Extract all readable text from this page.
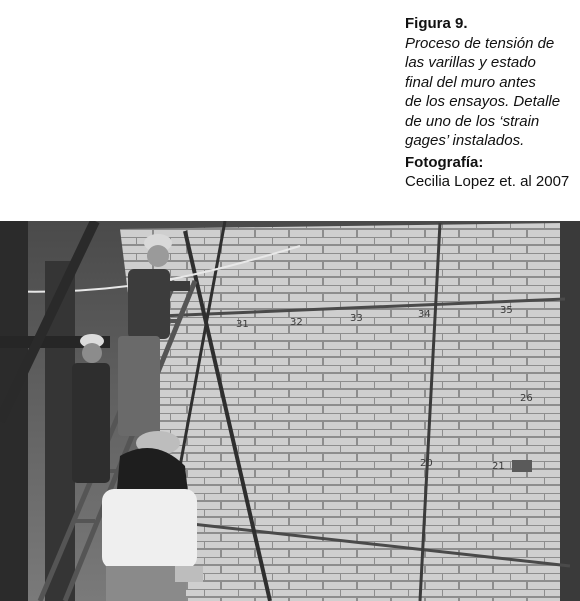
Figura 9.
Proceso de tensión de
las varillas y estado
final del muro antes
de los ensayos. Detalle
de uno de los ‘strain
gages’ instalados.
Fotografía:
Cecilia Lopez et. al 2007
31	32	33	34	35
26
20	21
